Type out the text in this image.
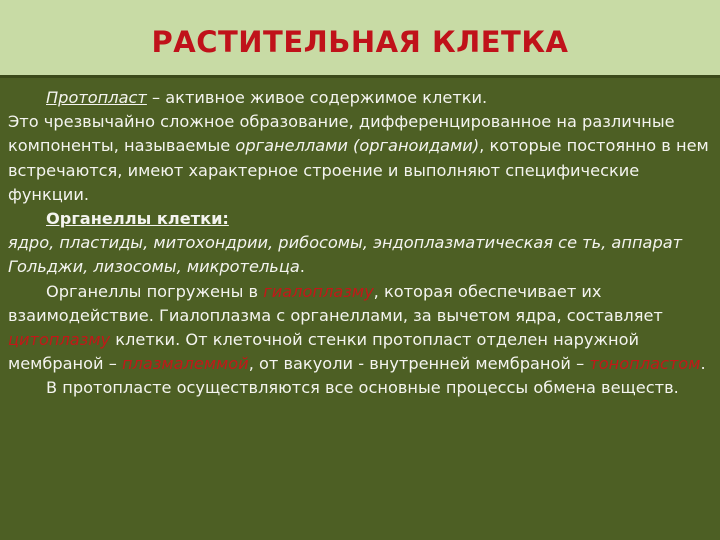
РАСТИТЕЛЬНАЯ КЛЕТКА

Протопласт – активное живое содержимое клетки.

Это чрезвычайно сложное образование, дифференцированное на различные компоненты, называемые органеллами (органоидами), которые постоянно в нем встречаются, имеют характерное строение и выполняют специфические функции.

Органеллы клетки:

ядро, пластиды, митохондрии, рибосомы, эндоплазматическая се ть, аппарат Гольджи, лизосомы, микротельца.

Органеллы погружены в гиалоплазму, которая обеспечивает их взаимодействие. Гиалоплазма с органеллами, за вычетом ядра, составляет цитоплазму клетки. От клеточной стенки протопласт отделен наружной мембраной – плазмалеммой, от вакуоли - внутренней мембраной – тонопластом.

В протопласте осуществляются все основные процессы обмена веществ.
